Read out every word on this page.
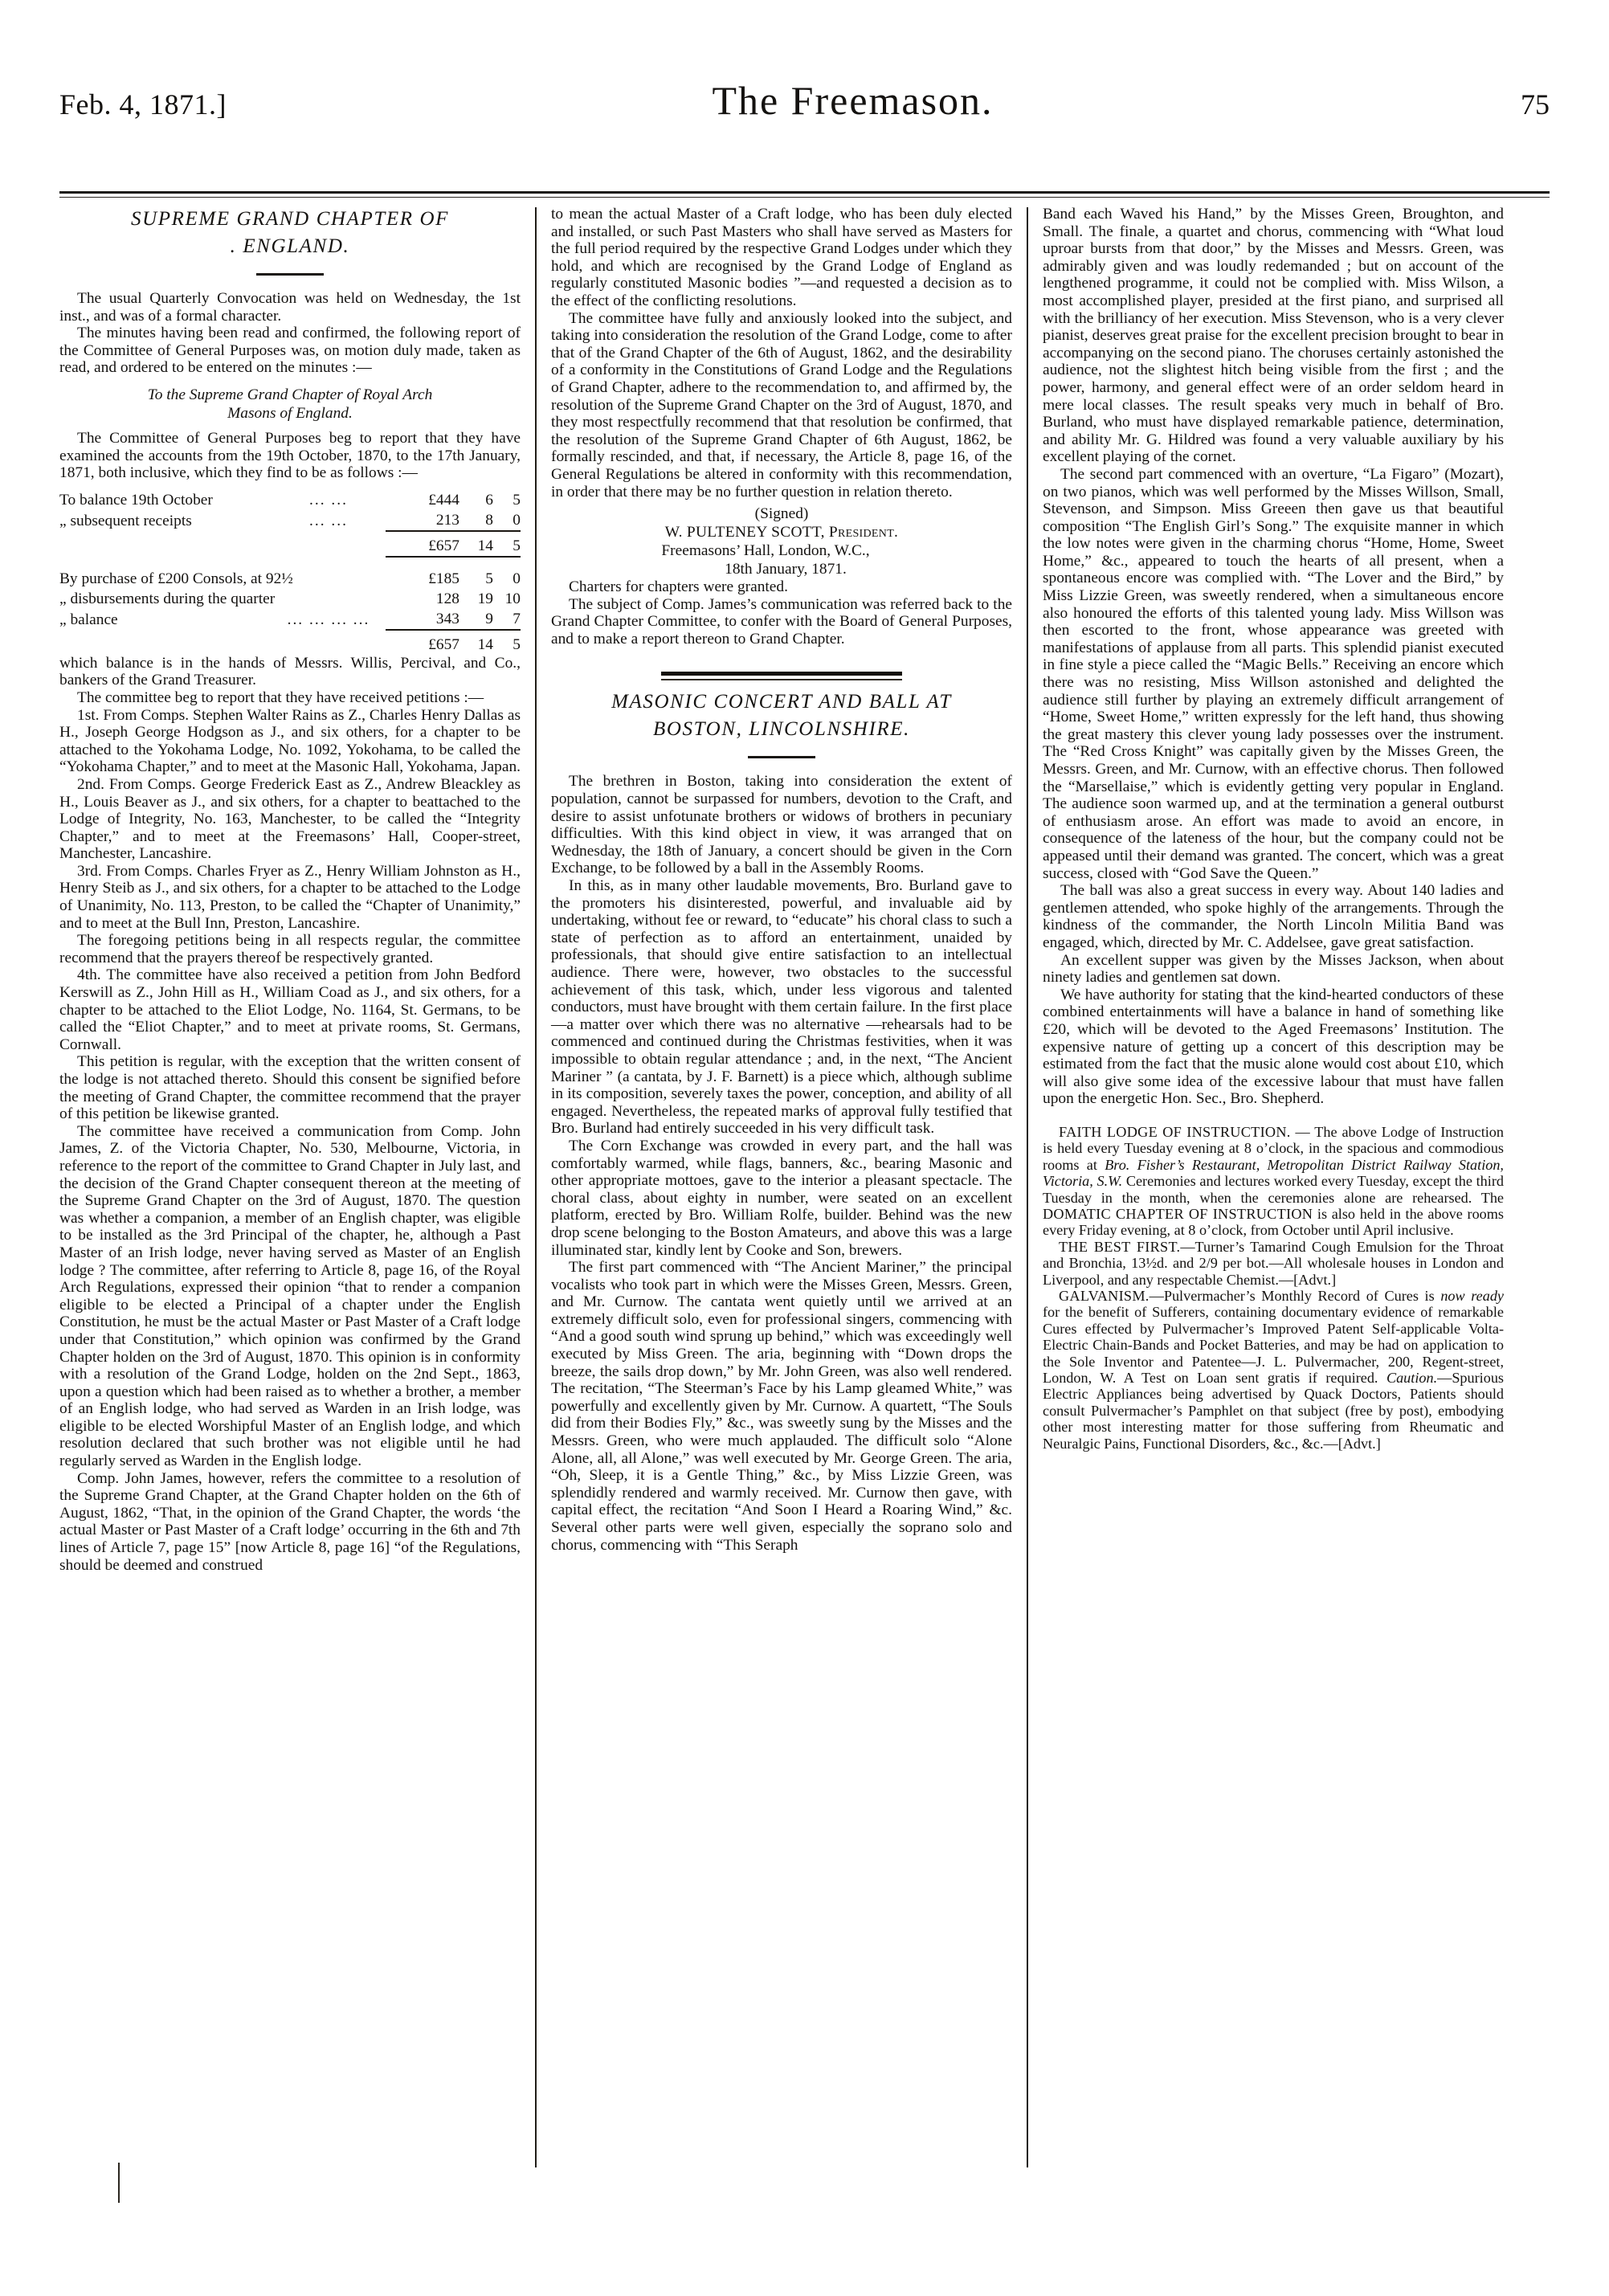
Feb. 4, 1871.]	The Freemason.	75
SUPREME GRAND CHAPTER OF
. ENGLAND.

The usual Quarterly Convocation was held on Wednesday, the 1st inst., and was of a formal character.

The minutes having been read and confirmed, the following report of the Committee of General Purposes was, on motion duly made, taken as read, and ordered to be entered on the minutes :—

To the Supreme Grand Chapter of Royal Arch
Masons of England.

The Committee of General Purposes beg to report that they have examined the accounts from the 19th October, 1870, to the 17th January, 1871, both inclusive, which they find to be as follows :—

To balance 19th October	... ...	£444	6	5
„ subsequent receipts	... ...	213	8	0
		£657	14	5

By purchase of £200 Consols, at 92½		£185	5	0
„ disbursements during the quarter		128	19	10
„ balance	... ... ... ...	343	9	7
		£657	14	5

which balance is in the hands of Messrs. Willis, Percival, and Co., bankers of the Grand Treasurer.

The committee beg to report that they have received petitions :—

1st. From Comps. Stephen Walter Rains as Z., Charles Henry Dallas as H., Joseph George Hodgson as J., and six others, for a chapter to be attached to the Yokohama Lodge, No. 1092, Yokohama, to be called the “Yokohama Chapter,” and to meet at the Masonic Hall, Yokohama, Japan.

2nd. From Comps. George Frederick East as Z., Andrew Bleackley as H., Louis Beaver as J., and six others, for a chapter to beattached to the Lodge of Integrity, No. 163, Manchester, to be called the “Integrity Chapter,” and to meet at the Freemasons’ Hall, Cooper-street, Manchester, Lancashire.

3rd. From Comps. Charles Fryer as Z., Henry William Johnston as H., Henry Steib as J., and six others, for a chapter to be attached to the Lodge of Unanimity, No. 113, Preston, to be called the “Chapter of Unanimity,” and to meet at the Bull Inn, Preston, Lancashire.

The foregoing petitions being in all respects regular, the committee recommend that the prayers thereof be respectively granted.

4th. The committee have also received a petition from John Bedford Kerswill as Z., John Hill as H., William Coad as J., and six others, for a chapter to be attached to the Eliot Lodge, No. 1164, St. Germans, to be called the “Eliot Chapter,” and to meet at private rooms, St. Germans, Cornwall.

This petition is regular, with the exception that the written consent of the lodge is not attached thereto. Should this consent be signified before the meeting of Grand Chapter, the committee recommend that the prayer of this petition be likewise granted.

The committee have received a communication from Comp. John James, Z. of the Victoria Chapter, No. 530, Melbourne, Victoria, in reference to the report of the committee to Grand Chapter in July last, and the decision of the Grand Chapter consequent thereon at the meeting of the Supreme Grand Chapter on the 3rd of August, 1870. The question was whether a companion, a member of an English chapter, was eligible to be installed as the 3rd Principal of the chapter, he, although a Past Master of an Irish lodge, never having served as Master of an English lodge ? The committee, after referring to Article 8, page 16, of the Royal Arch Regulations, expressed their opinion “that to render a companion eligible to be elected a Principal of a chapter under the English Constitution, he must be the actual Master or Past Master of a Craft lodge under that Constitution,” which opinion was confirmed by the Grand Chapter holden on the 3rd of August, 1870. This opinion is in conformity with a resolution of the Grand Lodge, holden on the 2nd Sept., 1863, upon a question which had been raised as to whether a brother, a member of an English lodge, who had served as Warden in an Irish lodge, was eligible to be elected Worshipful Master of an English lodge, and which resolution declared that such brother was not eligible until he had regularly served as Warden in the English lodge.

Comp. John James, however, refers the committee to a resolution of the Supreme Grand Chapter, at the Grand Chapter holden on the 6th of August, 1862, “That, in the opinion of the Grand Chapter, the words ‘the actual Master or Past Master of a Craft lodge’ occurring in the 6th and 7th lines of Article 7, page 15” [now Article 8, page 16] “of the Regulations, should be deemed and construed

to mean the actual Master of a Craft lodge, who has been duly elected and installed, or such Past Masters who shall have served as Masters for the full period required by the respective Grand Lodges under which they hold, and which are recognised by the Grand Lodge of England as regularly constituted Masonic bodies ”—and requested a decision as to the effect of the conflicting resolutions.

The committee have fully and anxiously looked into the subject, and taking into consideration the resolution of the Grand Lodge, come to after that of the Grand Chapter of the 6th of August, 1862, and the desirability of a conformity in the Constitutions of Grand Lodge and the Regulations of Grand Chapter, adhere to the recommendation to, and affirmed by, the resolution of the Supreme Grand Chapter on the 3rd of August, 1870, and they most respectfully recommend that that resolution be confirmed, that the resolution of the Supreme Grand Chapter of 6th August, 1862, be formally rescinded, and that, if necessary, the Article 8, page 16, of the General Regulations be altered in conformity with this recommendation, in order that there may be no further question in relation thereto.

(Signed)
W. PULTENEY SCOTT, President.
Freemasons’ Hall, London, W.C.,
18th January, 1871.

Charters for chapters were granted.

The subject of Comp. James’s communication was referred back to the Grand Chapter Committee, to confer with the Board of General Purposes, and to make a report thereon to Grand Chapter.

MASONIC CONCERT AND BALL AT
BOSTON, LINCOLNSHIRE.

The brethren in Boston, taking into consideration the extent of population, cannot be surpassed for numbers, devotion to the Craft, and desire to assist unfotunate brothers or widows of brothers in pecuniary difficulties. With this kind object in view, it was arranged that on Wednesday, the 18th of January, a concert should be given in the Corn Exchange, to be followed by a ball in the Assembly Rooms.

In this, as in many other laudable movements, Bro. Burland gave to the promoters his disinterested, powerful, and invaluable aid by undertaking, without fee or reward, to “educate” his choral class to such a state of perfection as to afford an entertainment, unaided by professionals, that should give entire satisfaction to an intellectual audience. There were, however, two obstacles to the successful achievement of this task, which, under less vigorous and talented conductors, must have brought with them certain failure. In the first place—a matter over which there was no alternative —rehearsals had to be commenced and continued during the Christmas festivities, when it was impossible to obtain regular attendance ; and, in the next, “The Ancient Mariner ” (a cantata, by J. F. Barnett) is a piece which, although sublime in its composition, severely taxes the power, conception, and ability of all engaged. Nevertheless, the repeated marks of approval fully testified that Bro. Burland had entirely succeeded in his very difficult task.

The Corn Exchange was crowded in every part, and the hall was comfortably warmed, while flags, banners, &c., bearing Masonic and other appropriate mottoes, gave to the interior a pleasant spectacle. The choral class, about eighty in number, were seated on an excellent platform, erected by Bro. William Rolfe, builder. Behind was the new drop scene belonging to the Boston Amateurs, and above this was a large illuminated star, kindly lent by Cooke and Son, brewers.

The first part commenced with “The Ancient Mariner,” the principal vocalists who took part in which were the Misses Green, Messrs. Green, and Mr. Curnow. The cantata went quietly until we arrived at an extremely difficult solo, even for professional singers, commencing with “And a good south wind sprung up behind,” which was exceedingly well executed by Miss Green. The aria, beginning with “Down drops the breeze, the sails drop down,” by Mr. John Green, was also well rendered. The recitation, “The Steerman’s Face by his Lamp gleamed White,” was powerfully and excellently given by Mr. Curnow. A quartett, “The Souls did from their Bodies Fly,” &c., was sweetly sung by the Misses and the Messrs. Green, who were much applauded. The difficult solo “Alone Alone, all, all Alone,” was well executed by Mr. George Green. The aria, “Oh, Sleep, it is a Gentle Thing,” &c., by Miss Lizzie Green, was splendidly rendered and warmly received. Mr. Curnow then gave, with capital effect, the recitation “And Soon I Heard a Roaring Wind,” &c. Several other parts were well given, especially the soprano solo and chorus, commencing with “This Seraph

Band each Waved his Hand,” by the Misses Green, Broughton, and Small. The finale, a quartet and chorus, commencing with “What loud uproar bursts from that door,” by the Misses and Messrs. Green, was admirably given and was loudly redemanded ; but on account of the lengthened programme, it could not be complied with. Miss Wilson, a most accomplished player, presided at the first piano, and surprised all with the brilliancy of her execution. Miss Stevenson, who is a very clever pianist, deserves great praise for the excellent precision brought to bear in accompanying on the second piano. The choruses certainly astonished the audience, not the slightest hitch being visible from the first ; and the power, harmony, and general effect were of an order seldom heard in mere local classes. The result speaks very much in behalf of Bro. Burland, who must have displayed remarkable patience, determination, and ability Mr. G. Hildred was found a very valuable auxiliary by his excellent playing of the cornet.

The second part commenced with an overture, “La Figaro” (Mozart), on two pianos, which was well performed by the Misses Willson, Small, Stevenson, and Simpson. Miss Greeen then gave us that beautiful composition “The English Girl’s Song.” The exquisite manner in which the low notes were given in the charming chorus “Home, Home, Sweet Home,” &c., appeared to touch the hearts of all present, when a spontaneous encore was complied with. “The Lover and the Bird,” by Miss Lizzie Green, was sweetly rendered, when a simultaneous encore also honoured the efforts of this talented young lady. Miss Willson was then escorted to the front, whose appearance was greeted with manifestations of applause from all parts. This splendid pianist executed in fine style a piece called the “Magic Bells.” Receiving an encore which there was no resisting, Miss Willson astonished and delighted the audience still further by playing an extremely difficult arrangement of “Home, Sweet Home,” written expressly for the left hand, thus showing the great mastery this clever young lady possesses over the instrument. The “Red Cross Knight” was capitally given by the Misses Green, the Messrs. Green, and Mr. Curnow, with an effective chorus. Then followed the “Marsellaise,” which is evidently getting very popular in England. The audience soon warmed up, and at the termination a general outburst of enthusiasm arose. An effort was made to avoid an encore, in consequence of the lateness of the hour, but the company could not be appeased until their demand was granted. The concert, which was a great success, closed with “God Save the Queen.”

The ball was also a great success in every way. About 140 ladies and gentlemen attended, who spoke highly of the arrangements. Through the kindness of the commander, the North Lincoln Militia Band was engaged, which, directed by Mr. C. Addelsee, gave great satisfaction.

An excellent supper was given by the Misses Jackson, when about ninety ladies and gentlemen sat down.

We have authority for stating that the kind-hearted conductors of these combined entertainments will have a balance in hand of something like £20, which will be devoted to the Aged Freemasons’ Institution. The expensive nature of getting up a concert of this description may be estimated from the fact that the music alone would cost about £10, which will also give some idea of the excessive labour that must have fallen upon the energetic Hon. Sec., Bro. Shepherd.

FAITH LODGE OF INSTRUCTION. — The above Lodge of Instruction is held every Tuesday evening at 8 o’clock, in the spacious and commodious rooms at Bro. Fisher’s Restaurant, Metropolitan District Railway Station, Victoria, S.W. Ceremonies and lectures worked every Tuesday, except the third Tuesday in the month, when the ceremonies alone are rehearsed. The DOMATIC CHAPTER OF INSTRUCTION is also held in the above rooms every Friday evening, at 8 o’clock, from October until April inclusive.

THE BEST FIRST.—Turner’s Tamarind Cough Emulsion for the Throat and Bronchia, 13½d. and 2/9 per bot.—All wholesale houses in London and Liverpool, and any respectable Chemist.—[Advt.]

GALVANISM.—Pulvermacher’s Monthly Record of Cures is now ready for the benefit of Sufferers, containing documentary evidence of remarkable Cures effected by Pulvermacher’s Improved Patent Self-applicable Volta-Electric Chain-Bands and Pocket Batteries, and may be had on application to the Sole Inventor and Patentee—J. L. Pulvermacher, 200, Regent-street, London, W. A Test on Loan sent gratis if required. Caution.—Spurious Electric Appliances being advertised by Quack Doctors, Patients should consult Pulvermacher’s Pamphlet on that subject (free by post), embodying other most interesting matter for those suffering from Rheumatic and Neuralgic Pains, Functional Disorders, &c., &c.—[Advt.]
